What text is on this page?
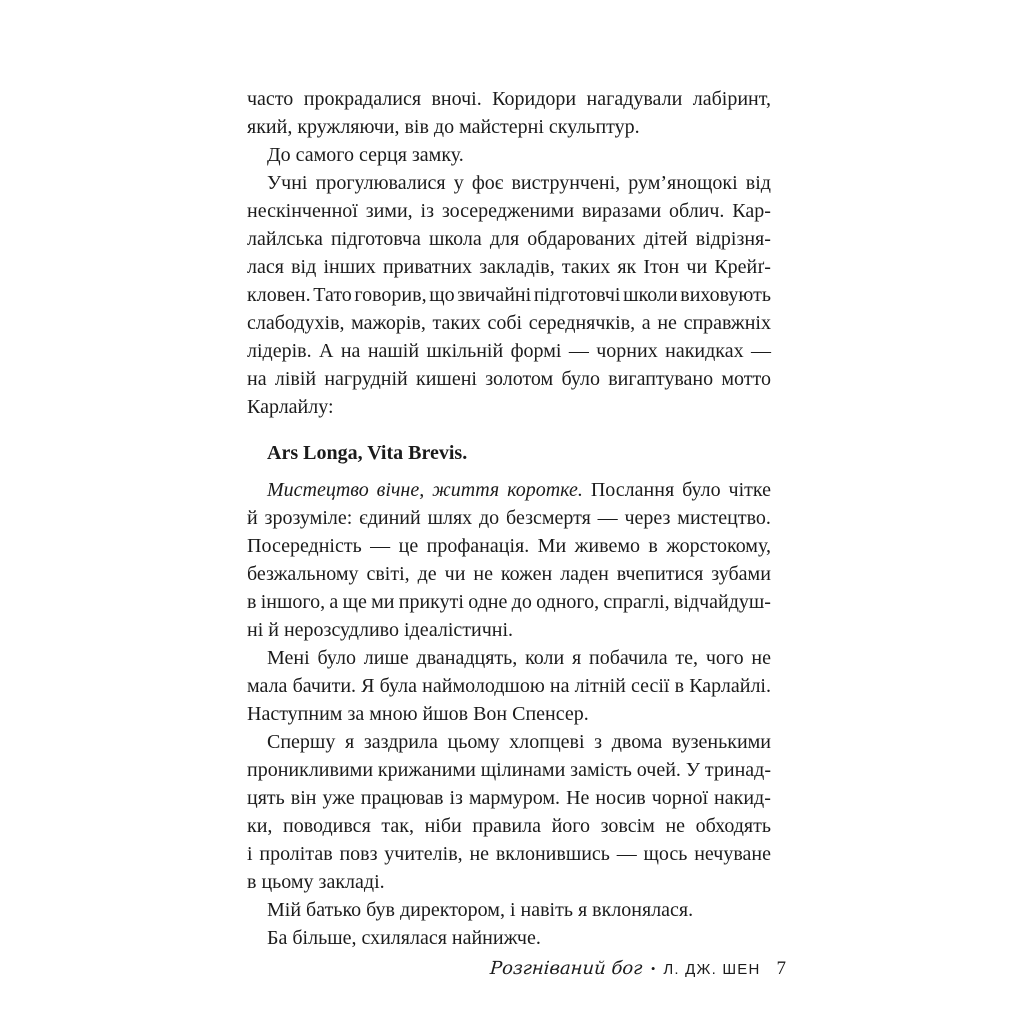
часто прокрадалися вночі. Коридори нагадували лабіринт,
який, кружляючи, вів до майстерні скульптур.
До самого серця замку.
Учні прогулювалися у фоє виструнчені, рум’янощокі від
нескінченної зими, із зосередженими виразами облич. Кар-
лайлська підготовча школа для обдарованих дітей відрізня-
лася від інших приватних закладів, таких як Ітон чи Крейґ-
кловен. Тато говорив, що звичайні підготовчі школи виховують
слабодухів, мажорів, таких собі середнячків, а не справжніх
лідерів. А на нашій шкільній формі — чорних накидках —
на лівій нагрудній кишені золотом було вигаптувано мотто
Карлайлу:
Ars Longa, Vita Brevis.
Мистецтво вічне, життя коротке. Послання було чітке
й зрозуміле: єдиний шлях до безсмертя — через мистецтво.
Посередність — це профанація. Ми живемо в жорстокому,
безжальному світі, де чи не кожен ладен вчепитися зубами
в іншого, а ще ми прикуті одне до одного, спраглі, відчайдуш-
ні й нерозсудливо ідеалістичні.
Мені було лише дванадцять, коли я побачила те, чого не
мала бачити. Я була наймолодшою на літній сесії в Карлайлі.
Наступним за мною йшов Вон Спенсер.
Спершу я заздрила цьому хлопцеві з двома вузенькими
проникливими крижаними щілинами замість очей. У тринад-
цять він уже працював із мармуром. Не носив чорної накид-
ки, поводився так, ніби правила його зовсім не обходять
і пролітав повз учителів, не вклонившись — щось нечуване
в цьому закладі.
Мій батько був директором, і навіть я вклонялася.
Ба більше, схилялася найнижче.
Розгніваний бог • Л. ДЖ. ШЕН 7
